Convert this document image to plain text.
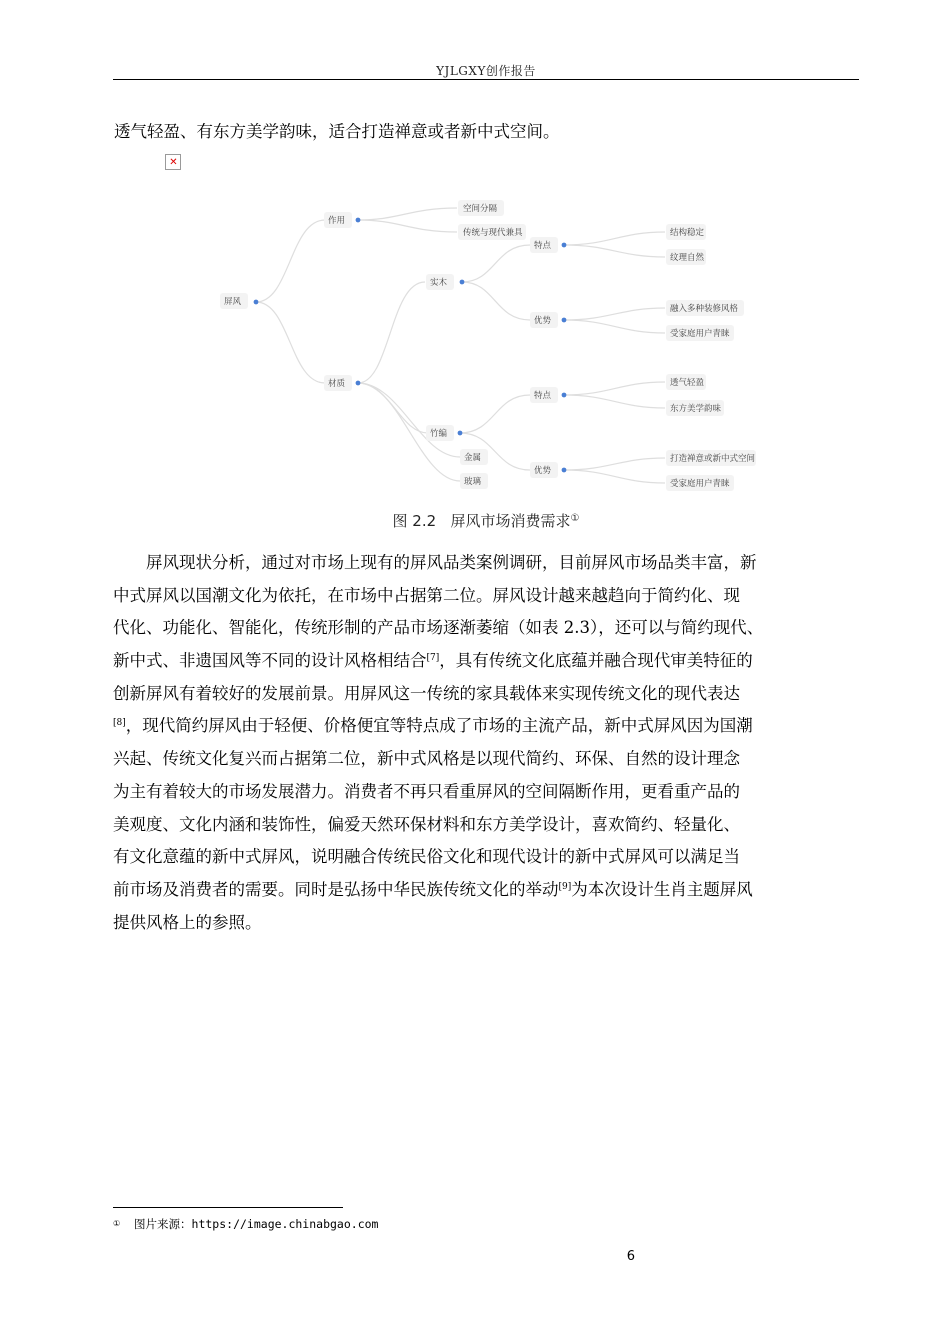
YJLGXY创作报告
透气轻盈、有东方美学韵味，适合打造禅意或者新中式空间。
✕
屏风
作用
空间分隔
传统与现代兼具
材质
实木
特点
结构稳定
纹理自然
优势
融入多种装修风格
受家庭用户青睐
竹编
特点
透气轻盈
东方美学韵味
优势
打造禅意或新中式空间
受家庭用户青睐
金属
玻璃
图 2.2 屏风市场消费需求①
屏风现状分析，通过对市场上现有的屏风品类案例调研，目前屏风市场品类丰富，新
中式屏风以国潮文化为依托，在市场中占据第二位。屏风设计越来越趋向于简约化、现
代化、功能化、智能化，传统形制的产品市场逐渐萎缩（如表 2.3），还可以与简约现代、
新中式、非遗国风等不同的设计风格相结合[7]，具有传统文化底蕴并融合现代审美特征的
创新屏风有着较好的发展前景。用屏风这一传统的家具载体来实现传统文化的现代表达
[8]，现代简约屏风由于轻便、价格便宜等特点成了市场的主流产品，新中式屏风因为国潮
兴起、传统文化复兴而占据第二位，新中式风格是以现代简约、环保、自然的设计理念
为主有着较大的市场发展潜力。消费者不再只看重屏风的空间隔断作用，更看重产品的
美观度、文化内涵和装饰性，偏爱天然环保材料和东方美学设计，喜欢简约、轻量化、
有文化意蕴的新中式屏风，说明融合传统民俗文化和现代设计的新中式屏风可以满足当
前市场及消费者的需要。同时是弘扬中华民族传统文化的举动[9]为本次设计生肖主题屏风
提供风格上的参照。
① 图片来源：https://image.chinabgao.com
6
